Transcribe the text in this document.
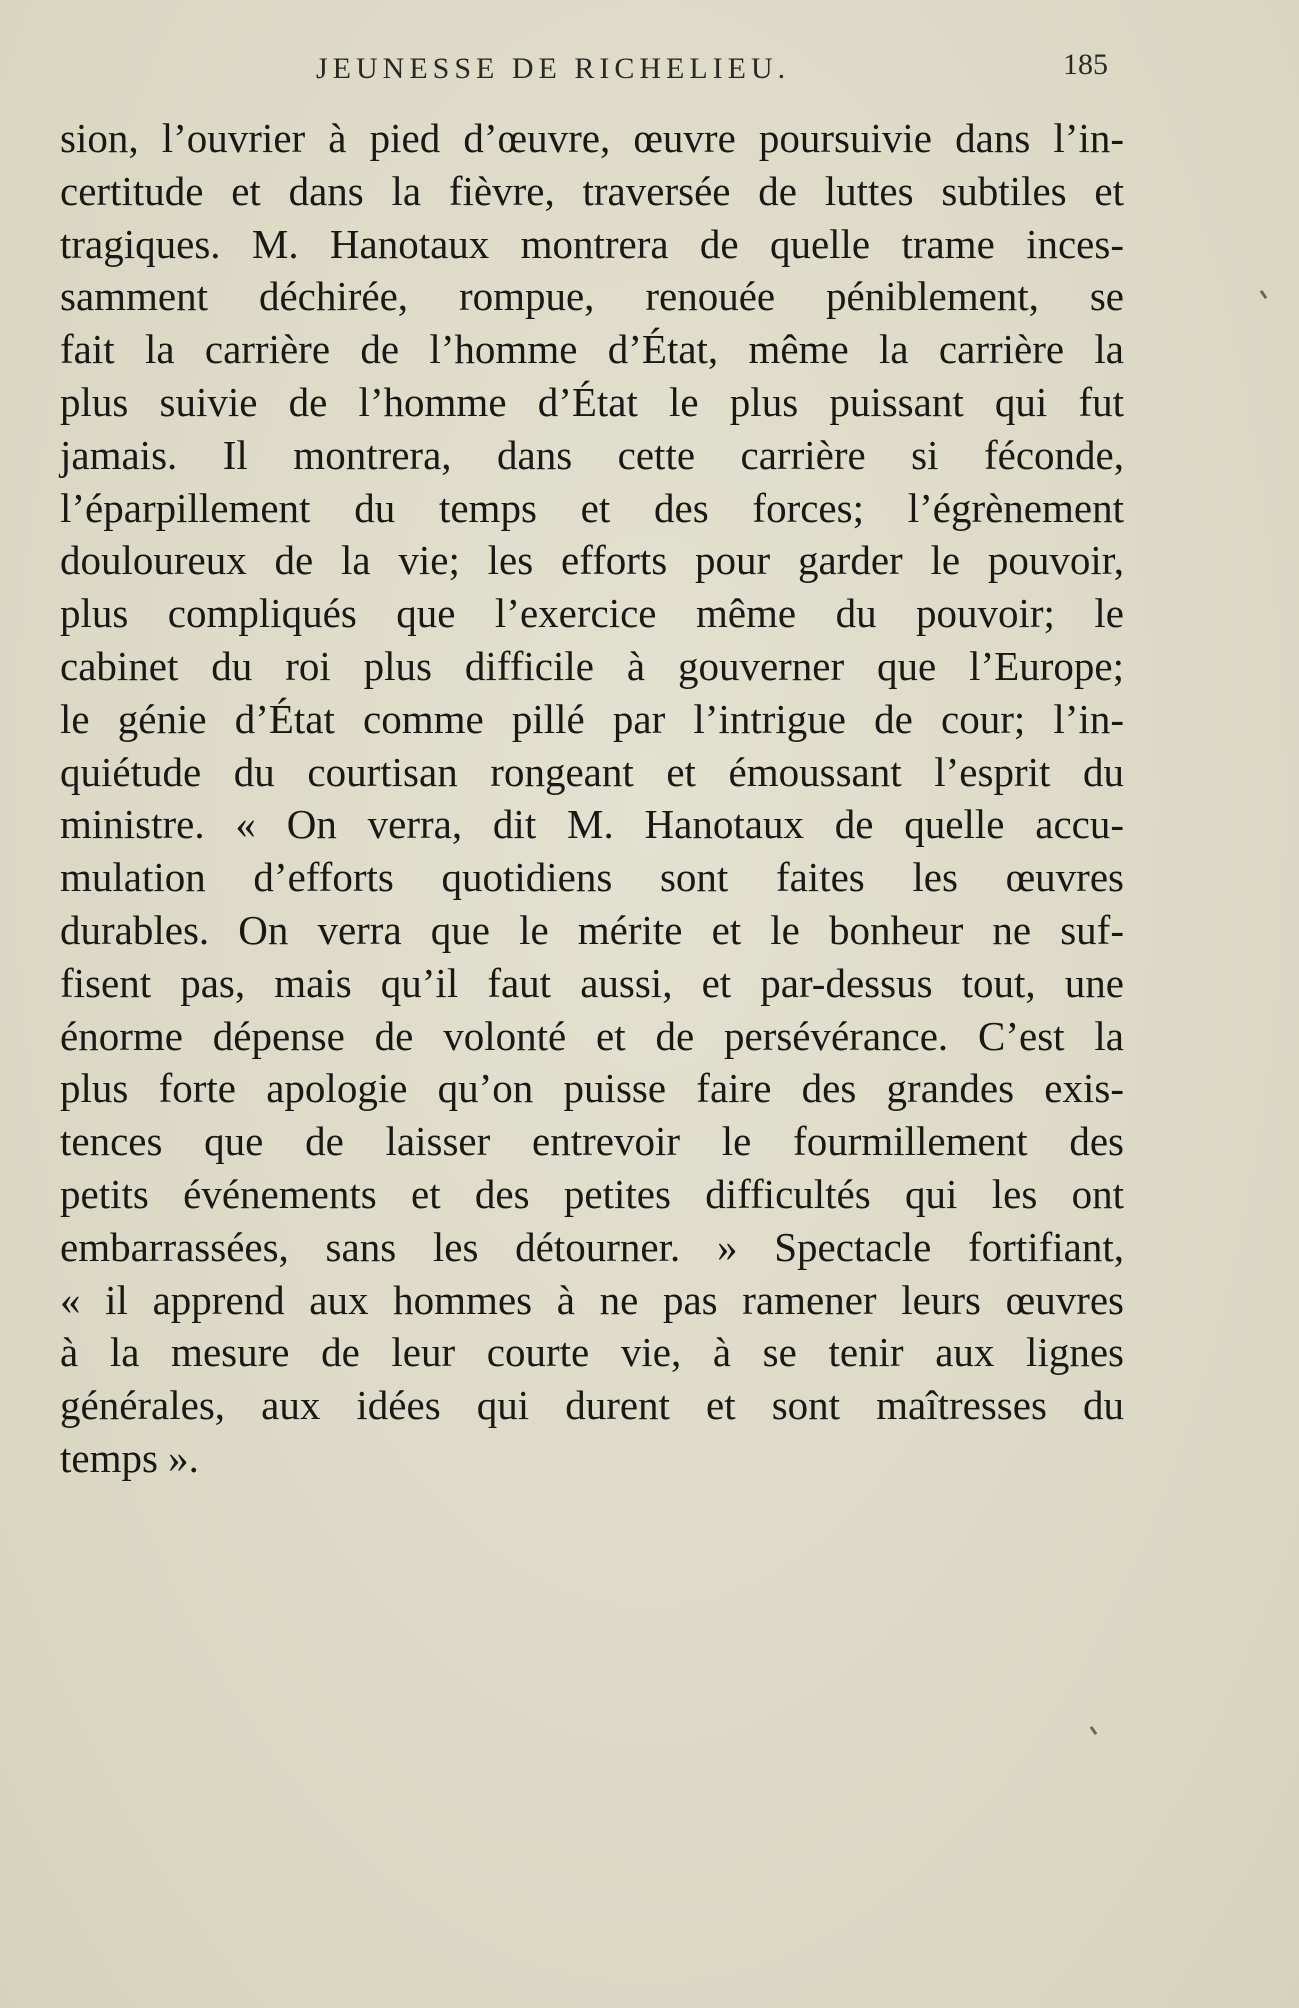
JEUNESSE DE RICHELIEU.	185
sion, l’ouvrier à pied d’œuvre, œuvre poursuivie dans l’in-
certitude et dans la fièvre, traversée de luttes subtiles et
tragiques. M. Hanotaux montrera de quelle trame inces-
samment déchirée, rompue, renouée péniblement, se
fait la carrière de l’homme d’État, même la carrière la
plus suivie de l’homme d’État le plus puissant qui fut
jamais. Il montrera, dans cette carrière si féconde,
l’éparpillement du temps et des forces; l’égrènement
douloureux de la vie; les efforts pour garder le pouvoir,
plus compliqués que l’exercice même du pouvoir; le
cabinet du roi plus difficile à gouverner que l’Europe;
le génie d’État comme pillé par l’intrigue de cour; l’in-
quiétude du courtisan rongeant et émoussant l’esprit du
ministre. « On verra, dit M. Hanotaux de quelle accu-
mulation d’efforts quotidiens sont faites les œuvres
durables. On verra que le mérite et le bonheur ne suf-
fisent pas, mais qu’il faut aussi, et par-dessus tout, une
énorme dépense de volonté et de persévérance. C’est la
plus forte apologie qu’on puisse faire des grandes exis-
tences que de laisser entrevoir le fourmillement des
petits événements et des petites difficultés qui les ont
embarrassées, sans les détourner. » Spectacle fortifiant,
« il apprend aux hommes à ne pas ramener leurs œuvres
à la mesure de leur courte vie, à se tenir aux lignes
générales, aux idées qui durent et sont maîtresses du
temps ».
